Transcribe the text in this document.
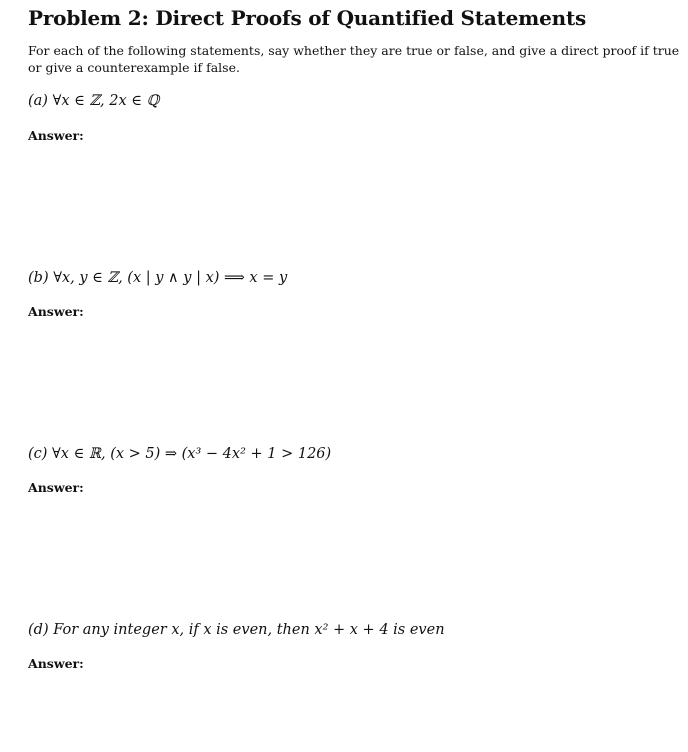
Problem 2: Direct Proofs of Quantified Statements

For each of the following statements, say whether they are true or false, and give a direct proof if true or give a counterexample if false.

(a) ∀x ∈ ℤ, 2x ∈ ℚ

Answer:

(b) ∀x, y ∈ ℤ, (x | y ∧ y | x) ⟹ x = y

Answer:

(c) ∀x ∈ ℝ, (x > 5) ⇒ (x³ − 4x² + 1 > 126)

Answer:

(d) For any integer x, if x is even, then x² + x + 4 is even

Answer:
